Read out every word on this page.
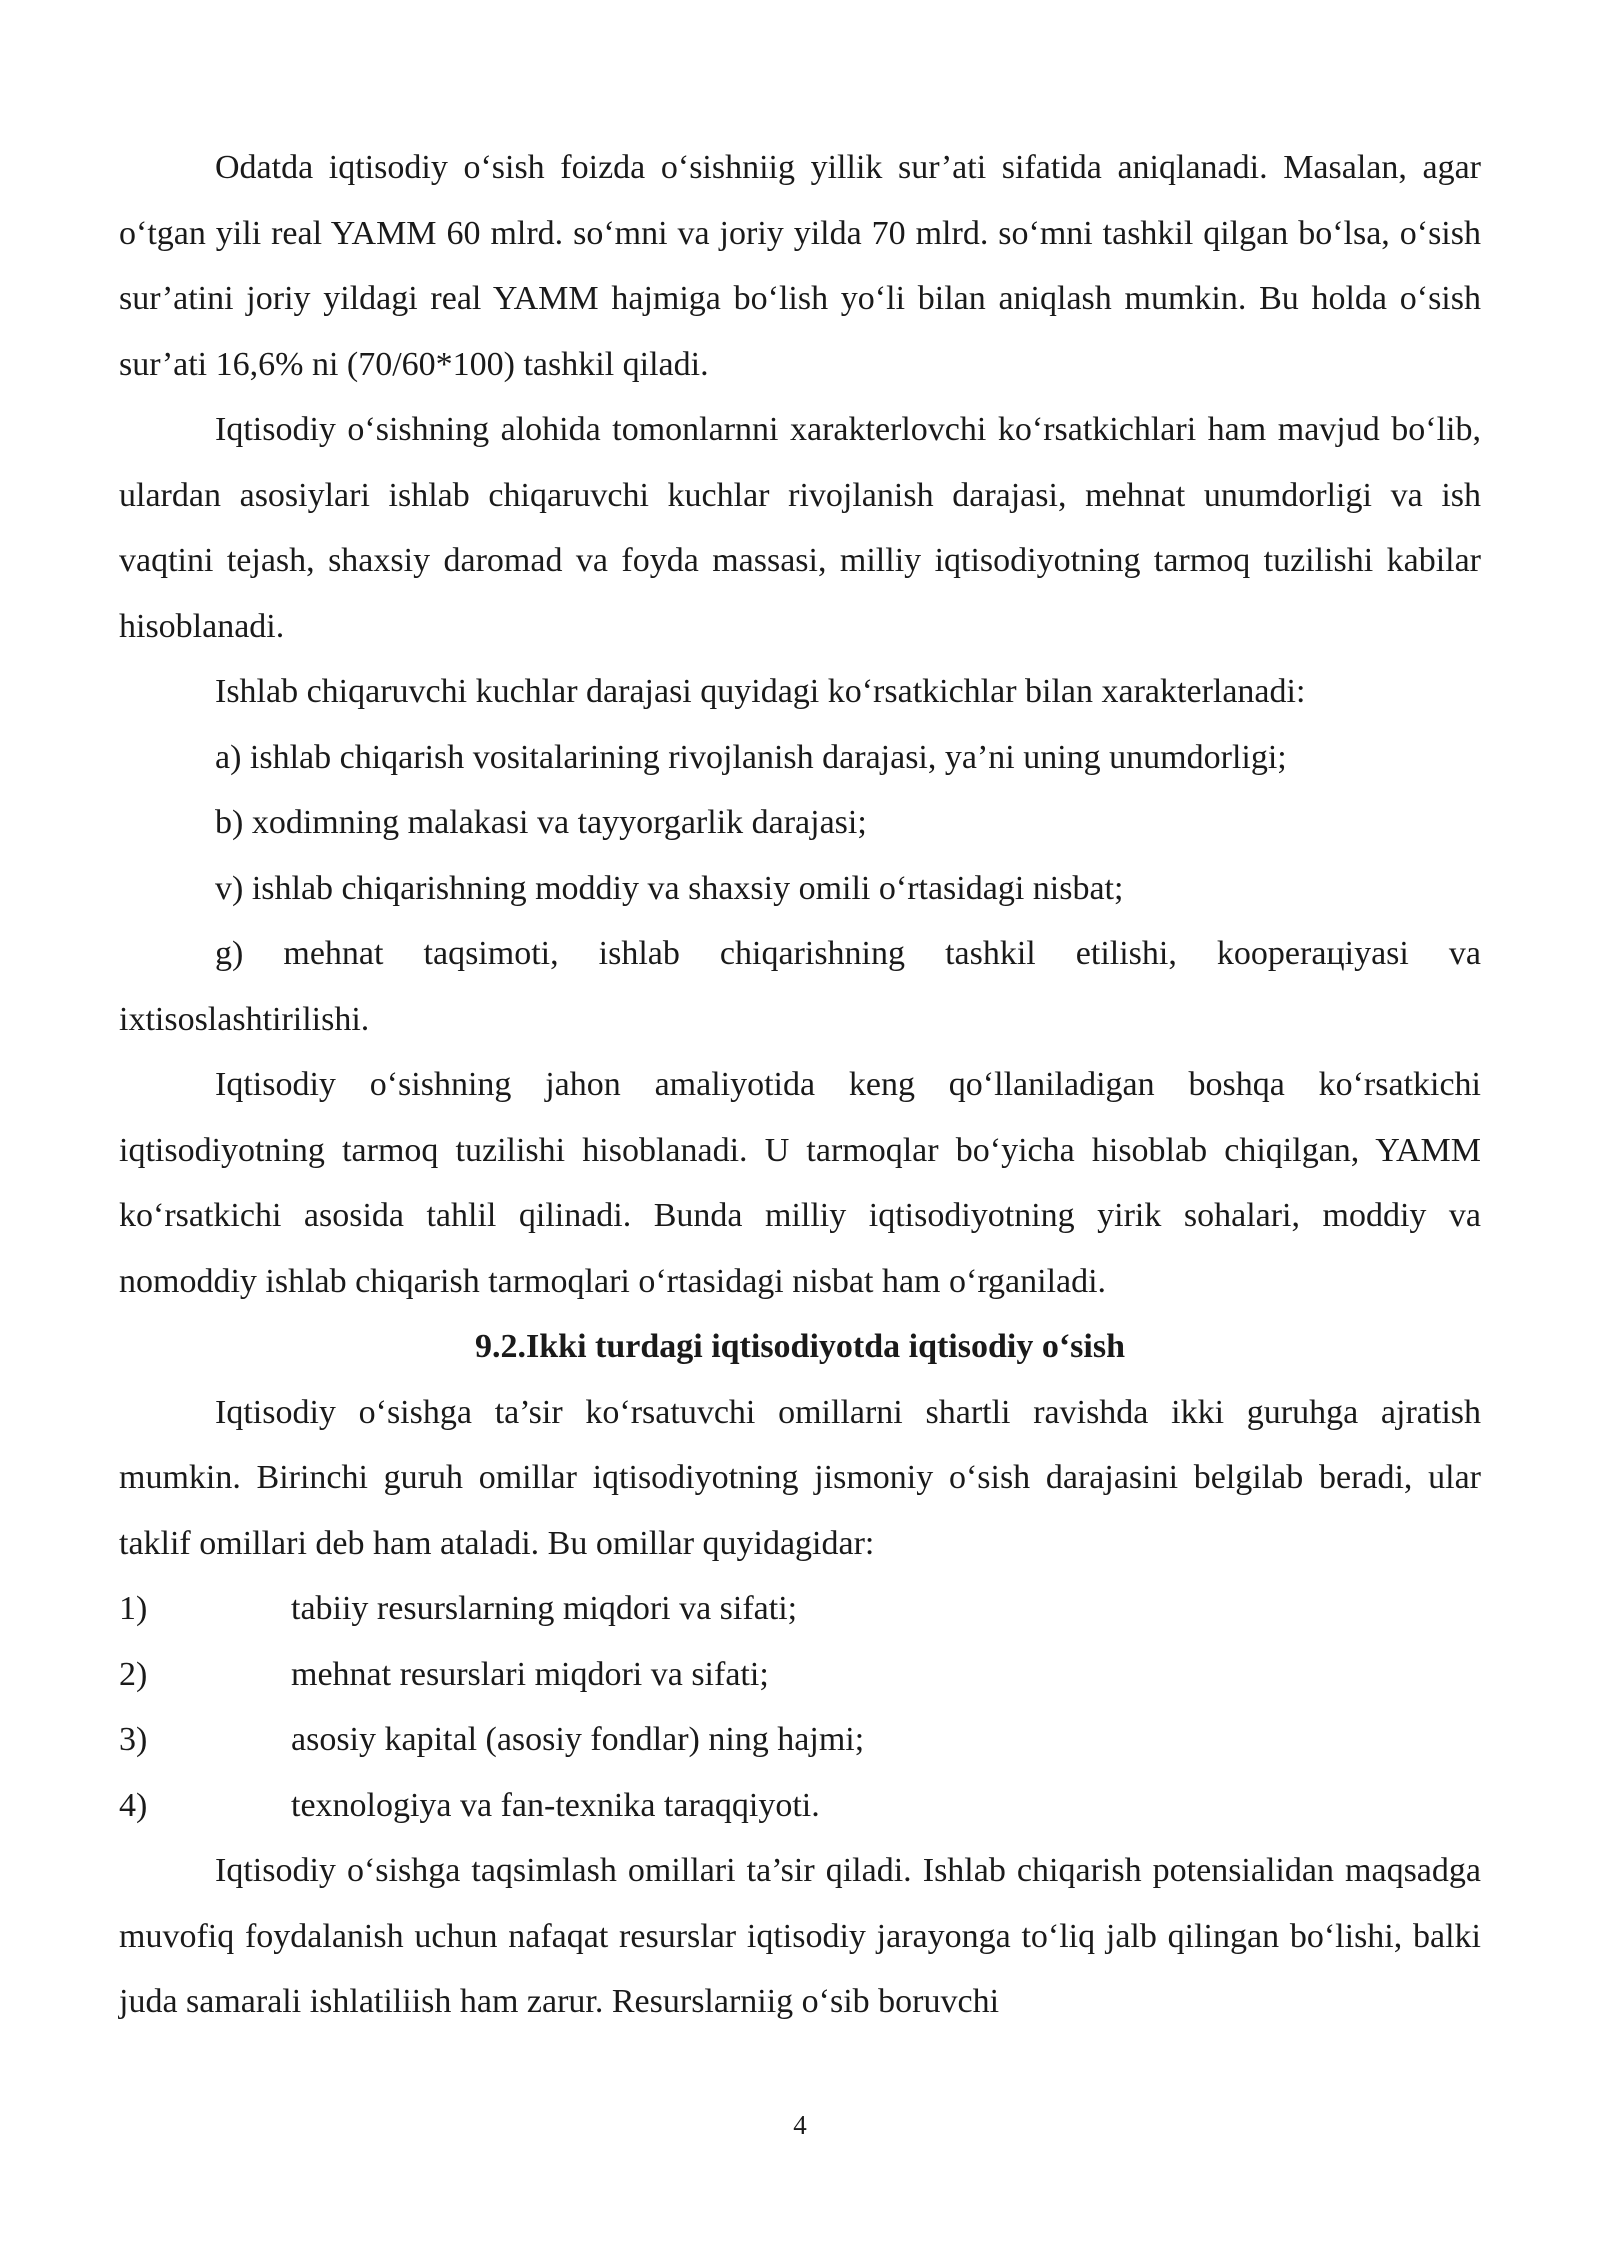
Odatda iqtisodiy o‘sish foizda o‘sishniig yillik sur’ati sifatida aniqlanadi. Masalan, agar o‘tgan yili real YAMM 60 mlrd. so‘mni va joriy yilda 70 mlrd. so‘mni tashkil qilgan bo‘lsa, o‘sish sur’atini joriy yildagi real YAMM hajmiga bo‘lish yo‘li bilan aniqlash mumkin. Bu holda o‘sish sur’ati 16,6% ni (70/60*100) tashkil qiladi.

Iqtisodiy o‘sishning alohida tomonlarnni xarakterlovchi ko‘rsatkichlari ham mavjud bo‘lib, ulardan asosiylari ishlab chiqaruvchi kuchlar rivojlanish darajasi, mehnat unumdorligi va ish vaqtini tejash, shaxsiy daromad va foyda massasi, milliy iqtisodiyotning tarmoq tuzilishi kabilar hisoblanadi.

Ishlab chiqaruvchi kuchlar darajasi quyidagi ko‘rsatkichlar bilan xarakterlanadi:

a) ishlab chiqarish vositalarining rivojlanish darajasi, ya’ni uning unumdorligi;

b) xodimning malakasi va tayyorgarlik darajasi;

v) ishlab chiqarishning moddiy va shaxsiy omili o‘rtasidagi nisbat;

g) mehnat taqsimoti, ishlab chiqarishning tashkil etilishi, kooperaцiyasi va ixtisoslashtirilishi.

Iqtisodiy o‘sishning jahon amaliyotida keng qo‘llaniladigan boshqa ko‘rsatkichi iqtisodiyotning tarmoq tuzilishi hisoblanadi. U tarmoqlar bo‘yicha hisoblab chiqilgan, YAMM ko‘rsatkichi asosida tahlil qilinadi. Bunda milliy iqtisodiyotning yirik sohalari, moddiy va nomoddiy ishlab chiqarish tarmoqlari o‘rtasidagi nisbat ham o‘rganiladi.

9.2.Ikki turdagi iqtisodiyotda iqtisodiy o‘sish

Iqtisodiy o‘sishga ta’sir ko‘rsatuvchi omillarni shartli ravishda ikki guruhga ajratish mumkin. Birinchi guruh omillar iqtisodiyotning jismoniy o‘sish darajasini belgilab beradi, ular taklif omillari deb ham ataladi. Bu omillar quyidagidar:

1)	tabiiy resurslarning miqdori va sifati;
2)	mehnat resurslari miqdori va sifati;
3)	asosiy kapital (asosiy fondlar) ning hajmi;
4)	texnologiya va fan-texnika taraqqiyoti.

Iqtisodiy o‘sishga taqsimlash omillari ta’sir qiladi. Ishlab chiqarish potensialidan maqsadga muvofiq foydalanish uchun nafaqat resurslar iqtisodiy jarayonga to‘liq jalb qilingan bo‘lishi, balki juda samarali ishlatiliish ham zarur. Resurslarniig o‘sib boruvchi

4
